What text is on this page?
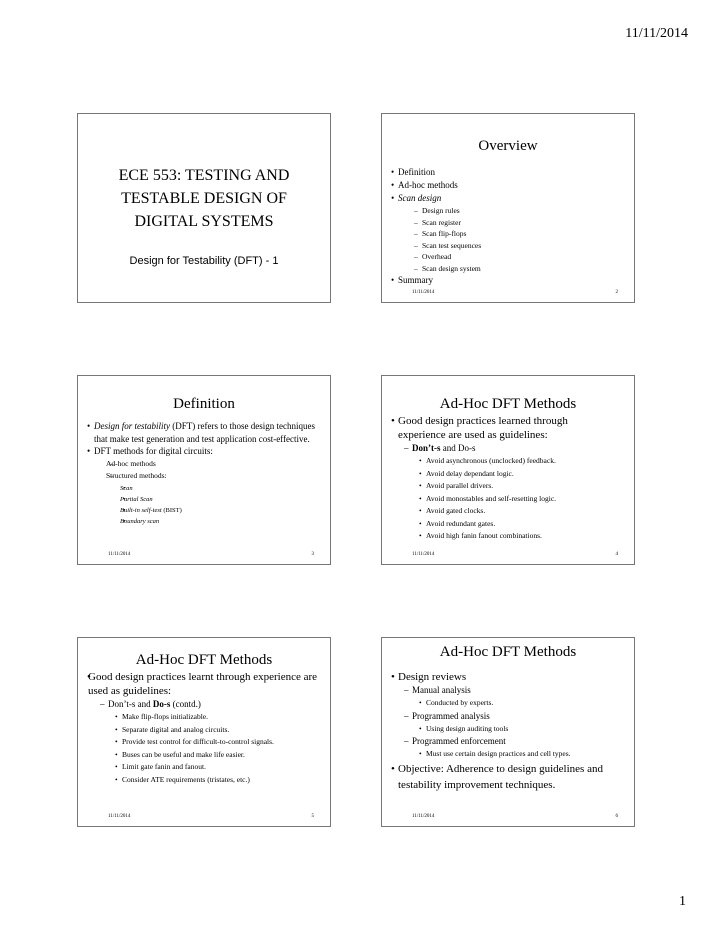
11/11/2014
ECE 553: TESTING AND
TESTABLE DESIGN OF
DIGITAL SYSTEMS
Design for Testability (DFT) - 1
Overview
• Definition
• Ad-hoc methods
• Scan design
– Design rules
– Scan register
– Scan flip-flops
– Scan test sequences
– Overhead
– Scan design system
• Summary
11/11/2014	2
Definition
• Design for testability (DFT) refers to those design techniques that make test generation and test application cost-effective.
• DFT methods for digital circuits:
– Ad-hoc methods
– Structured methods:
• Scan
• Partial Scan
• Built-in self-test (BIST)
• Boundary scan
11/11/2014	3
Ad-Hoc DFT Methods
• Good design practices learned through experience are used as guidelines:
– Don’t-s and Do-s
• Avoid asynchronous (unclocked) feedback.
• Avoid delay dependant logic.
• Avoid parallel drivers.
• Avoid monostables and self-resetting logic.
• Avoid gated clocks.
• Avoid redundant gates.
• Avoid high fanin fanout combinations.
11/11/2014	4
Ad-Hoc DFT Methods
• Good design practices learnt through experience are used as guidelines:
– Don’t-s and Do-s (contd.)
• Make flip-flops initializable.
• Separate digital and analog circuits.
• Provide test control for difficult-to-control signals.
• Buses can be useful and make life easier.
• Limit gate fanin and fanout.
• Consider ATE requirements (tristates, etc.)
11/11/2014	5
Ad-Hoc DFT Methods
• Design reviews
– Manual analysis
• Conducted by experts.
– Programmed analysis
• Using design auditing tools
– Programmed enforcement
• Must use certain design practices and cell types.
• Objective: Adherence to design guidelines and testability improvement techniques.
11/11/2014	6
1
